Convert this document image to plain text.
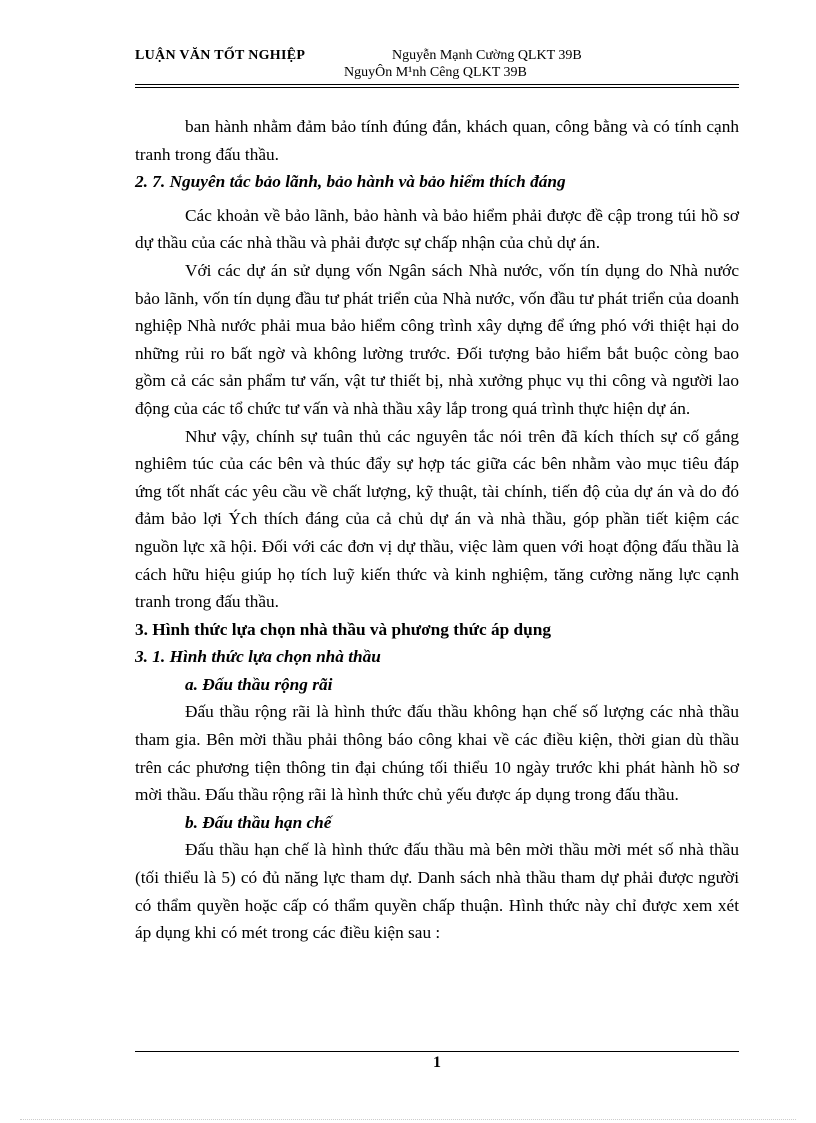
LUẬN VĂN TỐT NGHIỆP	Nguyễn Mạnh Cường QLKT 39B
NguyÔn M¹nh Cêng QLKT 39B

ban hành nhằm đảm bảo tính đúng đắn, khách quan, công bằng và có tính cạnh tranh trong đấu thầu.

2. 7. Nguyên tắc bảo lãnh, bảo hành và bảo hiểm thích đáng

Các khoản về bảo lãnh, bảo hành và bảo hiểm phải được đề cập trong túi hồ sơ dự thầu của các nhà thầu và phải được sự chấp nhận của chủ dự án.

Với các dự án sử dụng vốn Ngân sách Nhà nước, vốn tín dụng do Nhà nước bảo lãnh, vốn tín dụng đầu tư phát triển của Nhà nước, vốn đầu tư phát triển của doanh nghiệp Nhà nước phải mua bảo hiểm công trình xây dựng để ứng phó với thiệt hại do những rủi ro bất ngờ và không lường trước. Đối tượng bảo hiểm bắt buộc còng bao gồm cả các sản phẩm tư vấn, vật tư thiết bị, nhà xưởng phục vụ thi công và người lao động của các tổ chức tư vấn và nhà thầu xây lắp trong quá trình thực hiện dự án.

Như vậy, chính sự tuân thủ các nguyên tắc nói trên đã kích thích sự cố gắng nghiêm túc của các bên và thúc đẩy sự hợp tác giữa các bên nhằm vào mục tiêu đáp ứng tốt nhất các yêu cầu về chất lượng, kỹ thuật, tài chính, tiến độ của dự án và do đó đảm bảo lợi Ých thích đáng của cả chủ dự án và nhà thầu, góp phần tiết kiệm các nguồn lực xã hội. Đối với các đơn vị dự thầu, việc làm quen với hoạt động đấu thầu là cách hữu hiệu giúp họ tích luỹ kiến thức và kinh nghiệm, tăng cường năng lực cạnh tranh trong đấu thầu.

3. Hình thức lựa chọn nhà thầu và phương thức áp dụng

3. 1. Hình thức lựa chọn nhà thầu

a. Đấu thầu rộng rãi

Đấu thầu rộng rãi là hình thức đấu thầu không hạn chế số lượng các nhà thầu tham gia. Bên mời thầu phải thông báo công khai về các điều kiện, thời gian dù thầu trên các phương tiện thông tin đại chúng tối thiểu 10 ngày trước khi phát hành hồ sơ mời thầu. Đấu thầu rộng rãi là hình thức chủ yếu được áp dụng trong đấu thầu.

b. Đấu thầu hạn chế

Đấu thầu hạn chế là hình thức đấu thầu mà bên mời thầu mời mét số nhà thầu (tối thiểu là 5) có đủ năng lực tham dự. Danh sách nhà thầu tham dự phải được người có thẩm quyền hoặc cấp có thẩm quyền chấp thuận. Hình thức này chỉ được xem xét áp dụng khi có mét trong các điều kiện sau :

1
